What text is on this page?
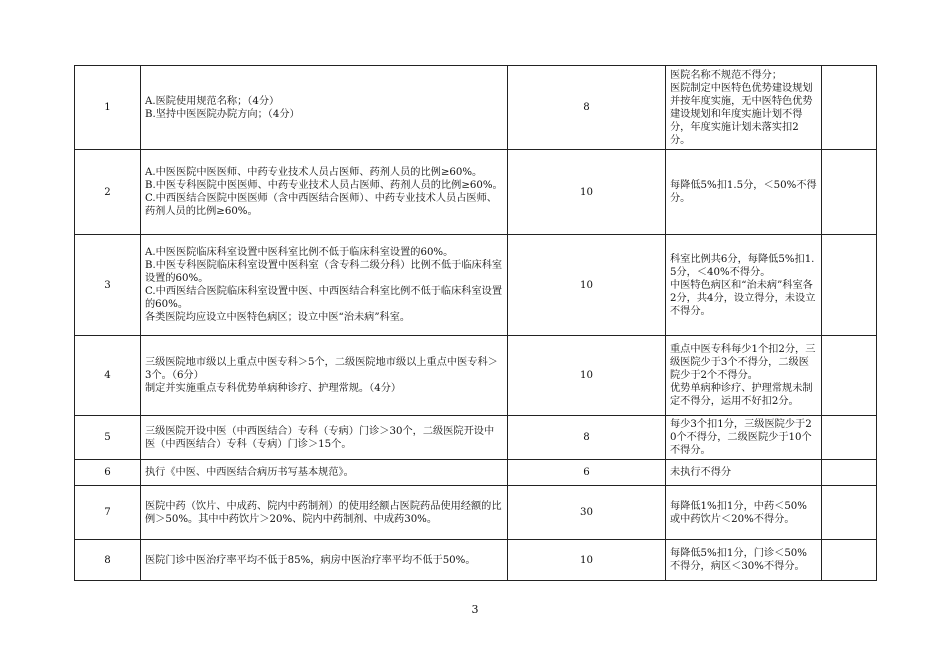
1	A.医院使用规范名称；（4分）
B.坚持中医医院办院方向；（4分）	8	医院名称不规范不得分；
医院制定中医特色优势建设规划并按年度实施，无中医特色优势建设规划和年度实施计划不得分，年度实施计划未落实扣2分。	

2	A.中医医院中医医师、中药专业技术人员占医师、药剂人员的比例≥60%。
B.中医专科医院中医医师、中药专业技术人员占医师、药剂人员的比例≥60%。
C.中西医结合医院中医医师（含中西医结合医师）、中药专业技术人员占医师、药剂人员的比例≥60%。	10	每降低5%扣1.5分，＜50%不得分。	

3	A.中医医院临床科室设置中医科室比例不低于临床科室设置的60%。
B.中医专科医院临床科室设置中医科室（含专科二级分科）比例不低于临床科室设置的60%。
C.中西医结合医院临床科室设置中医、中西医结合科室比例不低于临床科室设置的60%。
各类医院均应设立中医特色病区；设立中医“治未病”科室。	10	科室比例共6分，每降低5%扣1.5分，＜40%不得分。
中医特色病区和“治未病”科室各2分，共4分，设立得分，未设立不得分。	

4	三级医院地市级以上重点中医专科＞5个，二级医院地市级以上重点中医专科＞3个。（6分）
制定并实施重点专科优势单病种诊疗、护理常规。（4分）	10	重点中医专科每少1个扣2分，三级医院少于3个不得分，二级医院少于2个不得分。
优势单病种诊疗、护理常规未制定不得分，运用不好扣2分。	

5	三级医院开设中医（中西医结合）专科（专病）门诊＞30个，二级医院开设中医（中西医结合）专科（专病）门诊＞15个。	8	每少3个扣1分，三级医院少于20个不得分，二级医院少于10个不得分。	

6	执行《中医、中西医结合病历书写基本规范》。	6	未执行不得分	

7	医院中药（饮片、中成药、院内中药制剂）的使用经额占医院药品使用经额的比例＞50%。其中中药饮片＞20%、院内中药制剂、中成药30%。	30	每降低1%扣1分，中药＜50%或中药饮片＜20%不得分。	

8	医院门诊中医治疗率平均不低于85%，病房中医治疗率平均不低于50%。	10	每降低5%扣1分，门诊＜50%不得分，病区＜30%不得分。	

3
